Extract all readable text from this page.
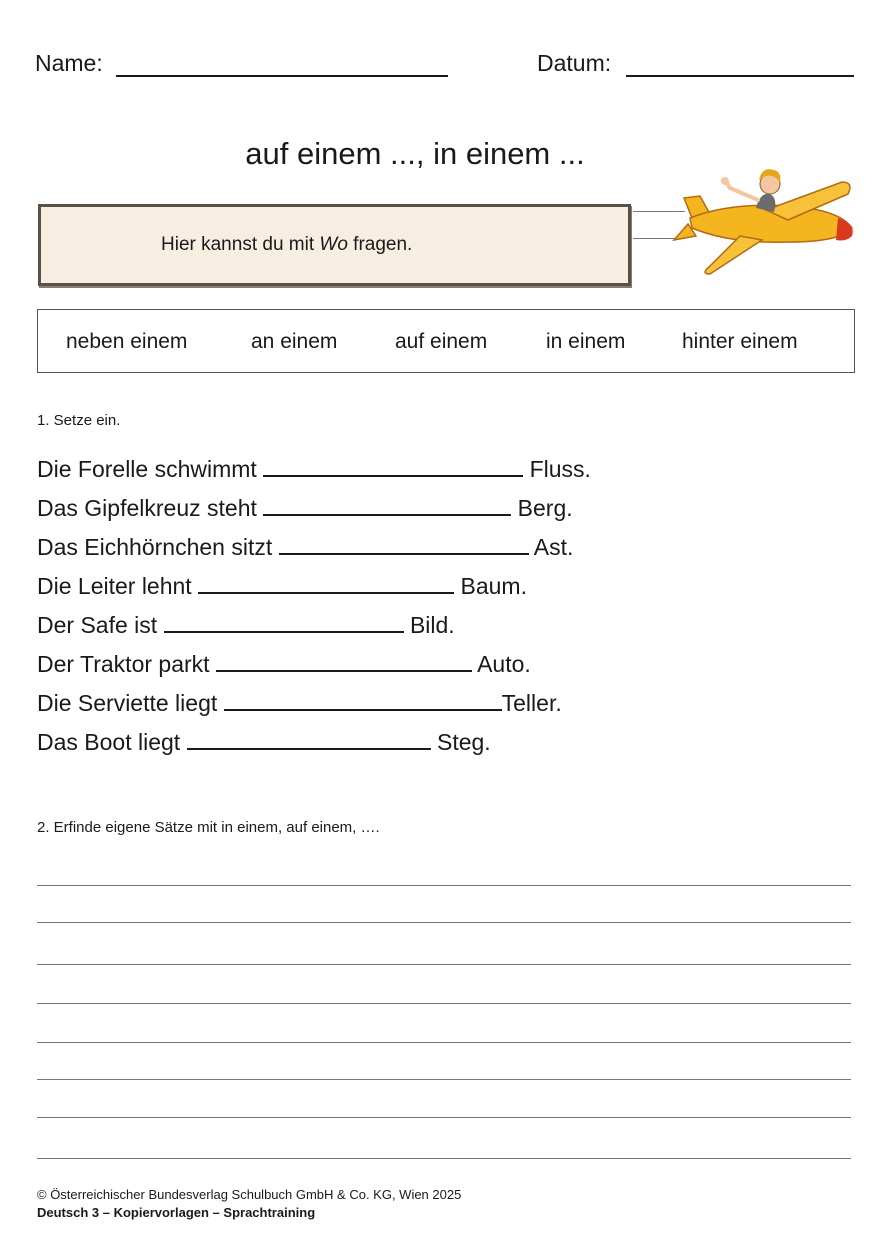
Name:	Datum:
auf einem ..., in einem ...
Hier kannst du mit Wo fragen.
neben einem	an einem	auf einem	in einem	hinter einem
1. Setze ein.
Die Forelle schwimmt	Fluss.
Das Gipfelkreuz steht	Berg.
Das Eichhörnchen sitzt	Ast.
Die Leiter lehnt	Baum.
Der Safe ist	Bild.
Der Traktor parkt	Auto.
Die Serviette liegt	Teller.
Das Boot liegt	Steg.
2. Erfinde eigene Sätze mit in einem, auf einem, ….
© Österreichischer Bundesverlag Schulbuch GmbH & Co. KG, Wien 2025
Deutsch 3 – Kopiervorlagen – Sprachtraining
